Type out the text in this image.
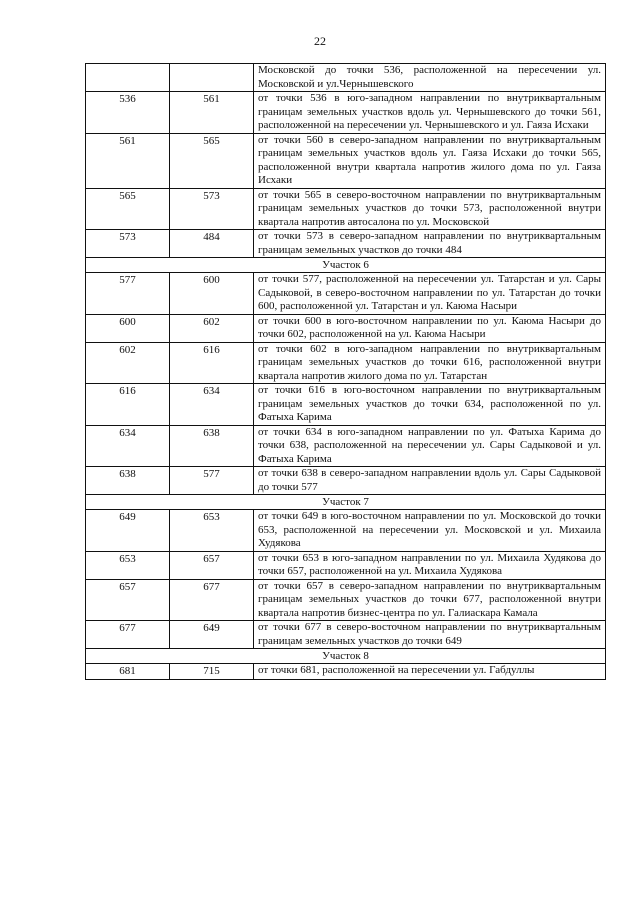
22
		Московской до точки 536, расположенной на пересечении ул. Московской и ул.Чернышевского
536	561	от точки 536 в юго-западном направлении по внутриквартальным границам земельных участков вдоль ул. Чернышевского до точки 561, расположенной на пересечении ул. Чернышевского и ул. Гаяза Исхаки
561	565	от точки 560 в северо-западном направлении по внутриквартальным границам земельных участков вдоль ул. Гаяза Исхаки до точки 565, расположенной внутри квартала напротив жилого дома по ул. Гаяза Исхаки
565	573	от точки 565 в северо-восточном направлении по внутриквартальным границам земельных участков до точки 573, расположенной внутри квартала напротив автосалона по ул. Московской
573	484	от точки 573 в северо-западном направлении по внутриквартальным границам земельных участков до точки 484
Участок 6		
577	600	от точки 577, расположенной на пересечении ул. Татарстан и ул. Сары Садыковой, в северо-восточном направлении по ул. Татарстан до точки 600, расположенной ул. Татарстан и ул. Каюма Насыри
600	602	от точки 600 в юго-восточном направлении по ул. Каюма Насыри до точки 602, расположенной на ул. Каюма Насыри
602	616	от точки 602 в юго-западном направлении по внутриквартальным границам земельных участков до точки 616, расположенной внутри квартала напротив жилого дома по ул. Татарстан
616	634	от точки 616 в юго-восточном направлении по внутриквартальным границам земельных участков до точки 634, расположенной по ул. Фатыха Карима
634	638	от точки 634 в юго-западном направлении по ул. Фатыха Карима до точки 638, расположенной на пересечении ул. Сары Садыковой и ул. Фатыха Карима
638	577	от точки 638 в северо-западном направлении вдоль ул. Сары Садыковой до точки 577
Участок 7		
649	653	от точки 649 в юго-восточном направлении по ул. Московской до точки 653, расположенной на пересечении ул. Московской и ул. Михаила Худякова
653	657	от точки 653 в юго-западном направлении по ул. Михаила Худякова до точки 657, расположенной на ул. Михаила Худякова
657	677	от точки 657 в северо-западном направлении по внутриквартальным границам земельных участков до точки 677, расположенной внутри квартала напротив бизнес-центра по ул. Галиаскара Камала
677	649	от точки 677 в северо-восточном направлении по внутриквартальным границам земельных участков до точки 649
Участок 8		
681	715	от точки 681, расположенной на пересечении ул. Габдуллы
